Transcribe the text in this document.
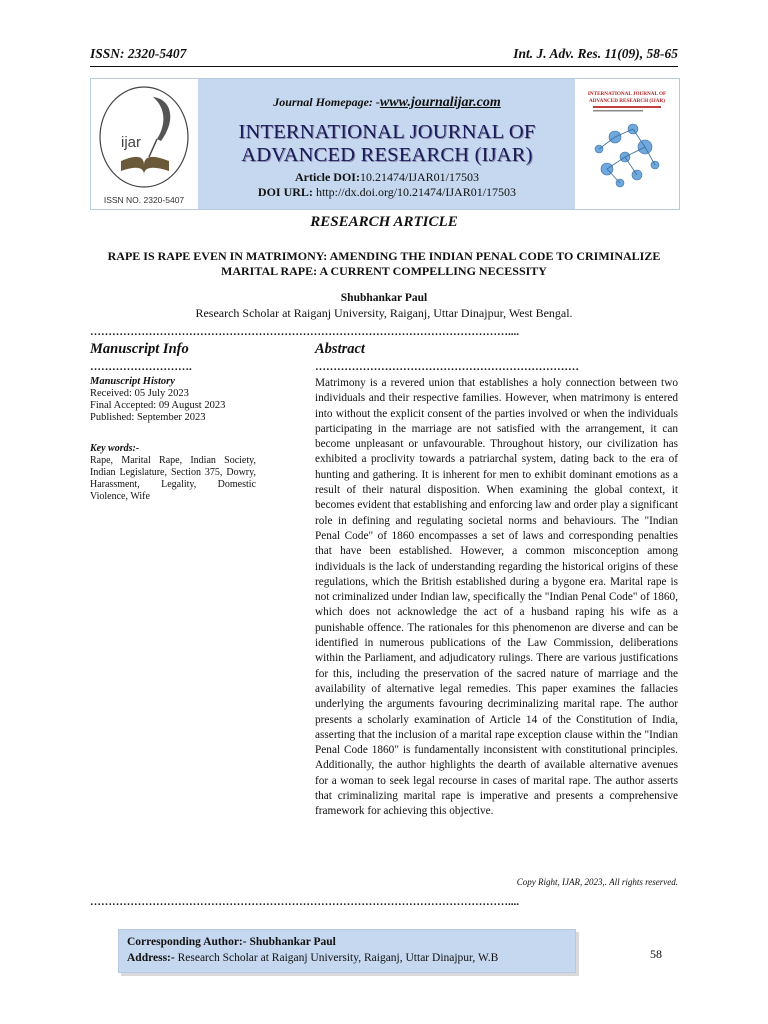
ISSN: 2320-5407	Int. J. Adv. Res. 11(09), 58-65
ijar
ISSN NO. 2320-5407
Journal Homepage: -www.journalijar.com
INTERNATIONAL JOURNAL OF
ADVANCED RESEARCH (IJAR)
Article DOI:10.21474/IJAR01/17503
DOI URL: http://dx.doi.org/10.21474/IJAR01/17503
INTERNATIONAL JOURNAL OF
ADVANCED RESEARCH (IJAR)
RESEARCH ARTICLE
RAPE IS RAPE EVEN IN MATRIMONY: AMENDING THE INDIAN PENAL CODE TO CRIMINALIZE
MARITAL RAPE: A CURRENT COMPELLING NECESSITY
Shubhankar Paul
Research Scholar at Raiganj University, Raiganj, Uttar Dinajpur, West Bengal.
……………………………………………………………………………………………………....
Manuscript Info	Abstract
……………………….	………………………………………………………………
Manuscript History
Received: 05 July 2023
Final Accepted: 09 August 2023
Published: September 2023
Key words:-
Rape, Marital Rape, Indian Society, Indian Legislature, Section 375, Dowry, Harassment, Legality, Domestic Violence, Wife
Matrimony is a revered union that establishes a holy connection between two individuals and their respective families. However, when matrimony is entered into without the explicit consent of the parties involved or when the individuals participating in the marriage are not satisfied with the arrangement, it can become unpleasant or unfavourable. Throughout history, our civilization has exhibited a proclivity towards a patriarchal system, dating back to the era of hunting and gathering. It is inherent for men to exhibit dominant emotions as a result of their natural disposition. When examining the global context, it becomes evident that establishing and enforcing law and order play a significant role in defining and regulating societal norms and behaviours. The "Indian Penal Code" of 1860 encompasses a set of laws and corresponding penalties that have been established. However, a common misconception among individuals is the lack of understanding regarding the historical origins of these regulations, which the British established during a bygone era. Marital rape is not criminalized under Indian law, specifically the "Indian Penal Code" of 1860, which does not acknowledge the act of a husband raping his wife as a punishable offence. The rationales for this phenomenon are diverse and can be identified in numerous publications of the Law Commission, deliberations within the Parliament, and adjudicatory rulings. There are various justifications for this, including the preservation of the sacred nature of marriage and the availability of alternative legal remedies. This paper examines the fallacies underlying the arguments favouring decriminalizing marital rape. The author presents a scholarly examination of Article 14 of the Constitution of India, asserting that the inclusion of a marital rape exception clause within the "Indian Penal Code 1860" is fundamentally inconsistent with constitutional principles. Additionally, the author highlights the dearth of available alternative avenues for a woman to seek legal recourse in cases of marital rape. The author asserts that criminalizing marital rape is imperative and presents a comprehensive framework for achieving this objective.
Copy Right, IJAR, 2023,. All rights reserved.
……………………………………………………………………………………………………....
Corresponding Author:- Shubhankar Paul
Address:- Research Scholar at Raiganj University, Raiganj, Uttar Dinajpur, W.B	58
